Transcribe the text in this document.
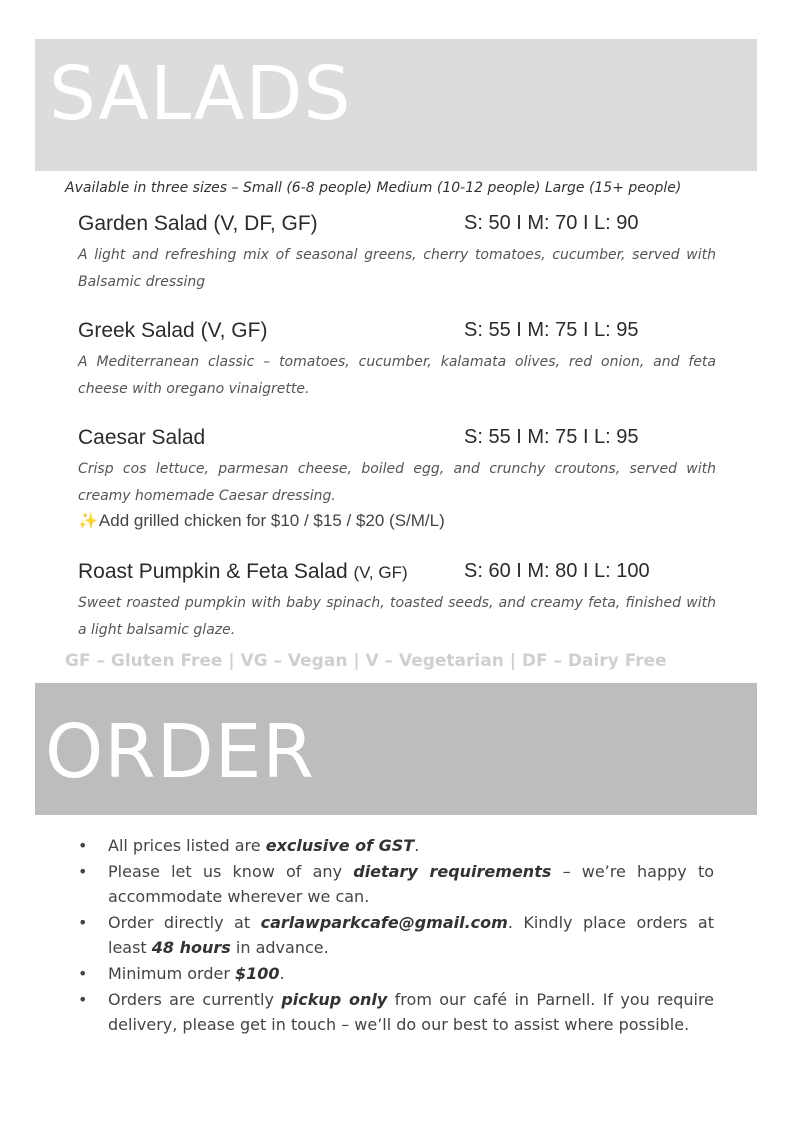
SALADS
Available in three sizes – Small (6-8 people) Medium (10-12 people) Large (15+ people)
Garden Salad (V, DF, GF)	S: 50 I M: 70 I L: 90
A light and refreshing mix of seasonal greens, cherry tomatoes, cucumber, served with Balsamic dressing
Greek Salad (V, GF)	S: 55 I M: 75 I L: 95
A Mediterranean classic – tomatoes, cucumber, kalamata olives, red onion, and feta cheese with oregano vinaigrette.
Caesar Salad	S: 55 I M: 75 I L: 95
Crisp cos lettuce, parmesan cheese, boiled egg, and crunchy croutons, served with creamy homemade Caesar dressing.
✨Add grilled chicken for $10 / $15 / $20 (S/M/L)
Roast Pumpkin & Feta Salad (V, GF)	S: 60 I M: 80 I L: 100
Sweet roasted pumpkin with baby spinach, toasted seeds, and creamy feta, finished with a light balsamic glaze.
GF – Gluten Free | VG – Vegan | V – Vegetarian | DF – Dairy Free
ORDER
• All prices listed are exclusive of GST.
• Please let us know of any dietary requirements – we’re happy to accommodate wherever we can.
• Order directly at carlawparkcafe@gmail.com. Kindly place orders at least 48 hours in advance.
• Minimum order $100.
• Orders are currently pickup only from our café in Parnell. If you require delivery, please get in touch – we’ll do our best to assist where possible.
